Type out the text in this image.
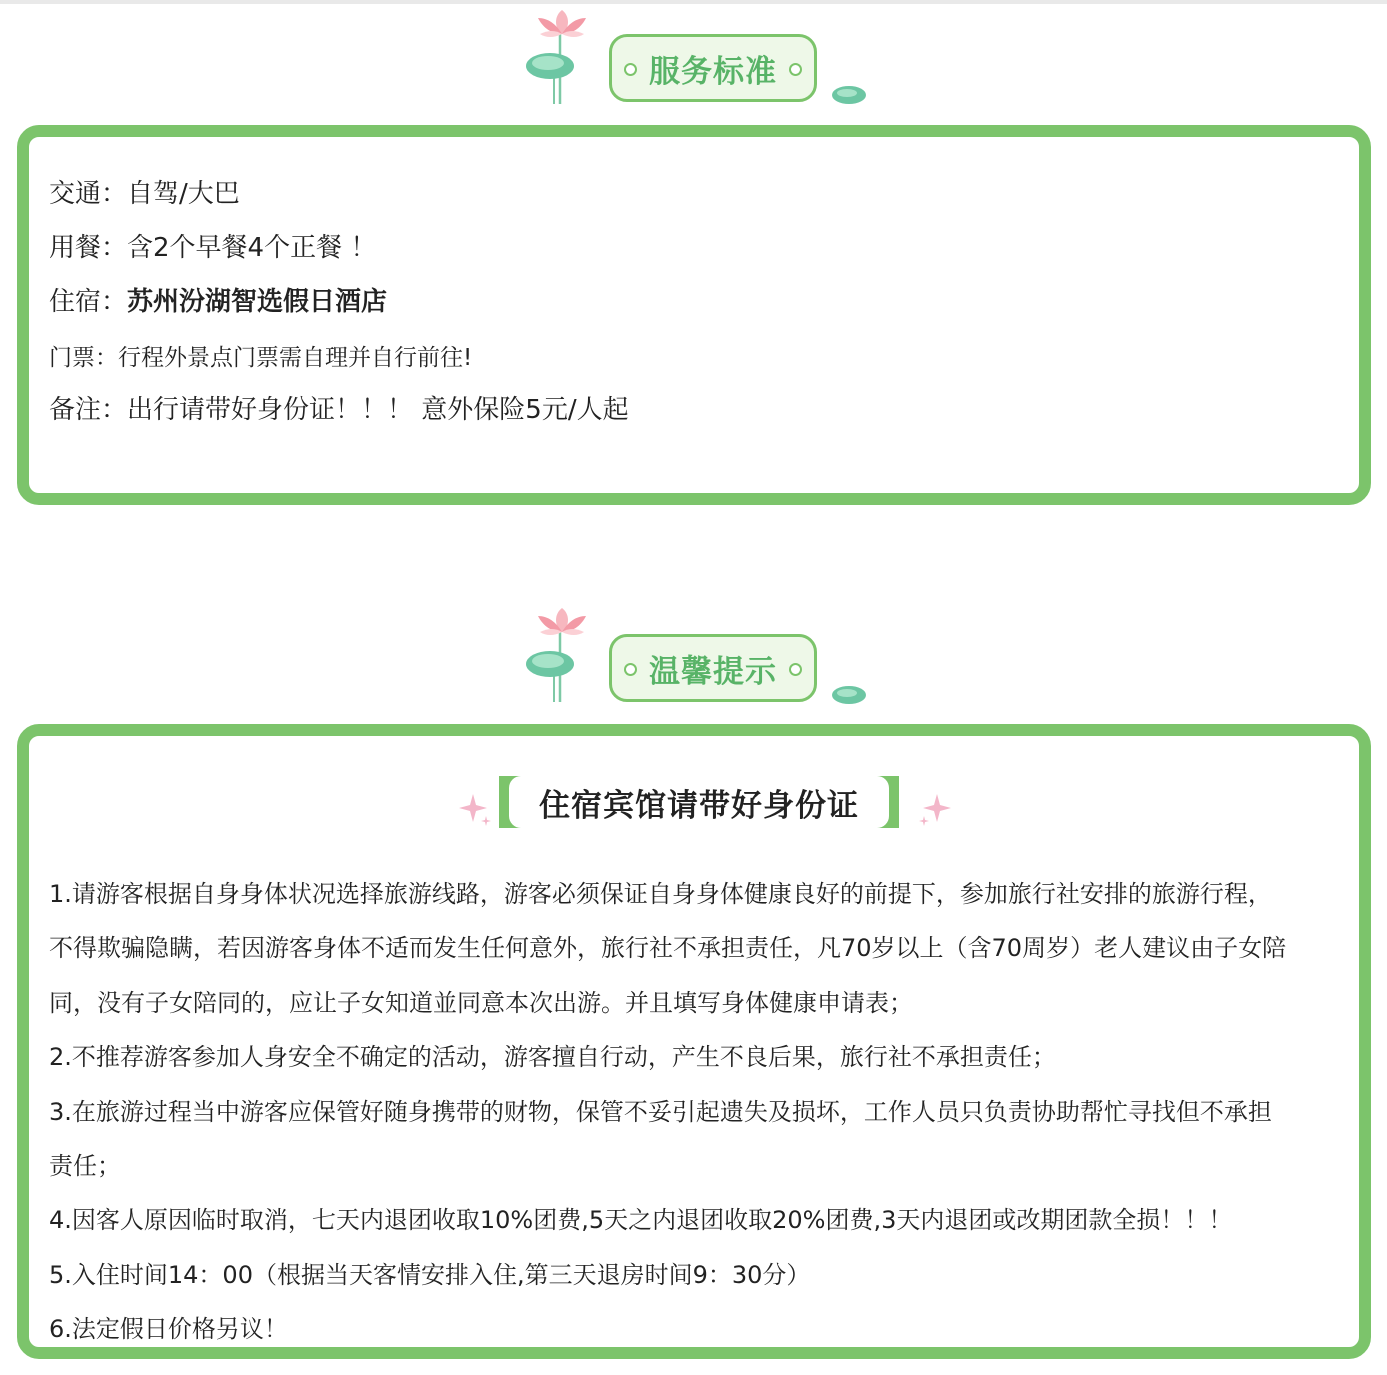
服务标准
交通：自驾/大巴
用餐：含2个早餐4个正餐 ！
住宿：苏州汾湖智选假日酒店
门票：行程外景点门票需自理并自行前往!
备注：出行请带好身份证！！！ 意外保险5元/人起
温馨提示
住宿宾馆请带好身份证
1.请游客根据自身身体状况选择旅游线路，游客必须保证自身身体健康良好的前提下，参加旅行社安排的旅游行程，
不得欺骗隐瞒，若因游客身体不适而发生任何意外，旅行社不承担责任，凡70岁以上（含70周岁）老人建议由子女陪
同，没有子女陪同的，应让子女知道並同意本次出游。并且填写身体健康申请表；
2.不推荐游客参加人身安全不确定的活动，游客擅自行动，产生不良后果，旅行社不承担责任；
3.在旅游过程当中游客应保管好随身携带的财物，保管不妥引起遗失及损坏，工作人员只负责协助帮忙寻找但不承担
责任；
4.因客人原因临时取消，七天内退团收取10%团费,5天之内退团收取20%团费,3天内退团或改期团款全损！！！
5.入住时间14：00（根据当天客情安排入住,第三天退房时间9：30分）
6.法定假日价格另议！
